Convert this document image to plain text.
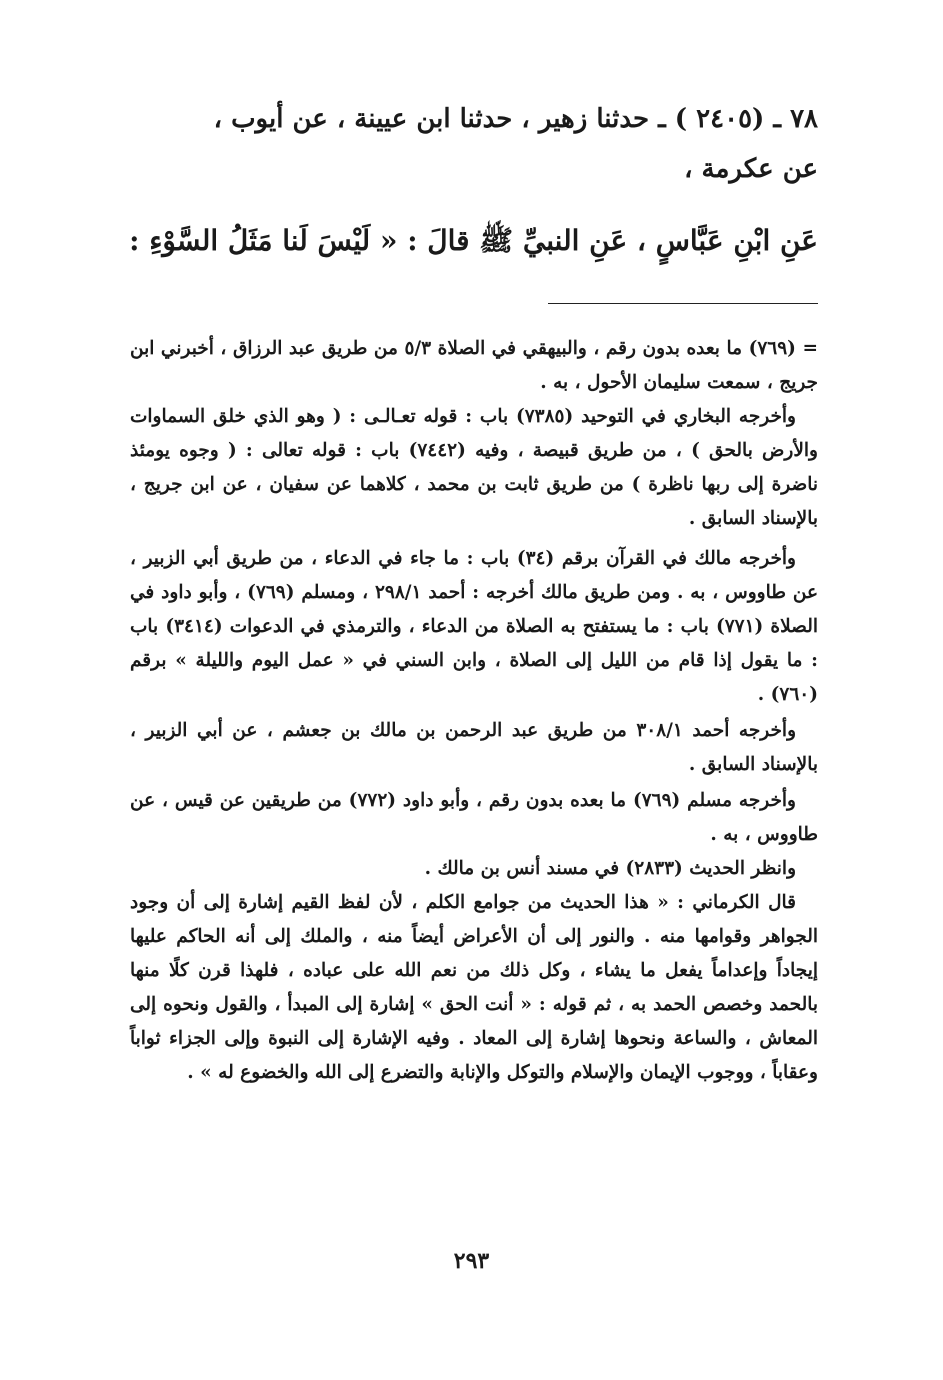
٧٨ ـ (٢٤٠٥ ) ـ حدثنا زهير ، حدثنا ابن عيينة ، عن أيوب ،
عن عكرمة ،
عَنِ ابْنِ عَبَّاسٍ ، عَنِ النبيِّ ﷺ قالَ : « لَيْسَ لَنا مَثَلُ السَّوْءِ :

= (٧٦٩) ما بعده بدون رقم ، والبيهقي في الصلاة ٥/٣ من طريق عبد الرزاق ، أخبرني ابن جريج ، سمعت سليمان الأحول ، به .

وأخرجه البخاري في التوحيد (٧٣٨٥) باب : قوله تعـالـى : ( وهو الذي خلق السماوات والأرض بالحق ) ، من طريق قبيصة ، وفيه (٧٤٤٢) باب : قوله تعالى : ( وجوه يومئذ ناضرة إلى ربها ناظرة ) من طريق ثابت بن محمد ، كلاهما عن سفيان ، عن ابن جريج ، بالإسناد السابق .

وأخرجه مالك في القرآن برقم (٣٤) باب : ما جاء في الدعاء ، من طريق أبي الزبير ، عن طاووس ، به . ومن طريق مالك أخرجه : أحمد ٢٩٨/١ ، ومسلم (٧٦٩) ، وأبو داود في الصلاة (٧٧١) باب : ما يستفتح به الصلاة من الدعاء ، والترمذي في الدعوات (٣٤١٤) باب : ما يقول إذا قام من الليل إلى الصلاة ، وابن السني في « عمل اليوم والليلة » برقم (٧٦٠) .

وأخرجه أحمد ٣٠٨/١ من طريق عبد الرحمن بن مالك بن جعشم ، عن أبي الزبير ، بالإسناد السابق .

وأخرجه مسلم (٧٦٩) ما بعده بدون رقم ، وأبو داود (٧٧٢) من طريقين عن قيس ، عن طاووس ، به .

وانظر الحديث (٢٨٣٣) في مسند أنس بن مالك .

قال الكرماني : « هذا الحديث من جوامع الكلم ، لأن لفظ القيم إشارة إلى أن وجود الجواهر وقوامها منه . والنور إلى أن الأعراض أيضاً منه ، والملك إلى أنه الحاكم عليها إيجاداً وإعداماً يفعل ما يشاء ، وكل ذلك من نعم الله على عباده ، فلهذا قرن كلًا منها بالحمد وخصص الحمد به ، ثم قوله : « أنت الحق » إشارة إلى المبدأ ، والقول ونحوه إلى المعاش ، والساعة ونحوها إشارة إلى المعاد . وفيه الإشارة إلى النبوة وإلى الجزاء ثواباً وعقاباً ، ووجوب الإيمان والإسلام والتوكل والإنابة والتضرع إلى الله والخضوع له » .

٢٩٣
